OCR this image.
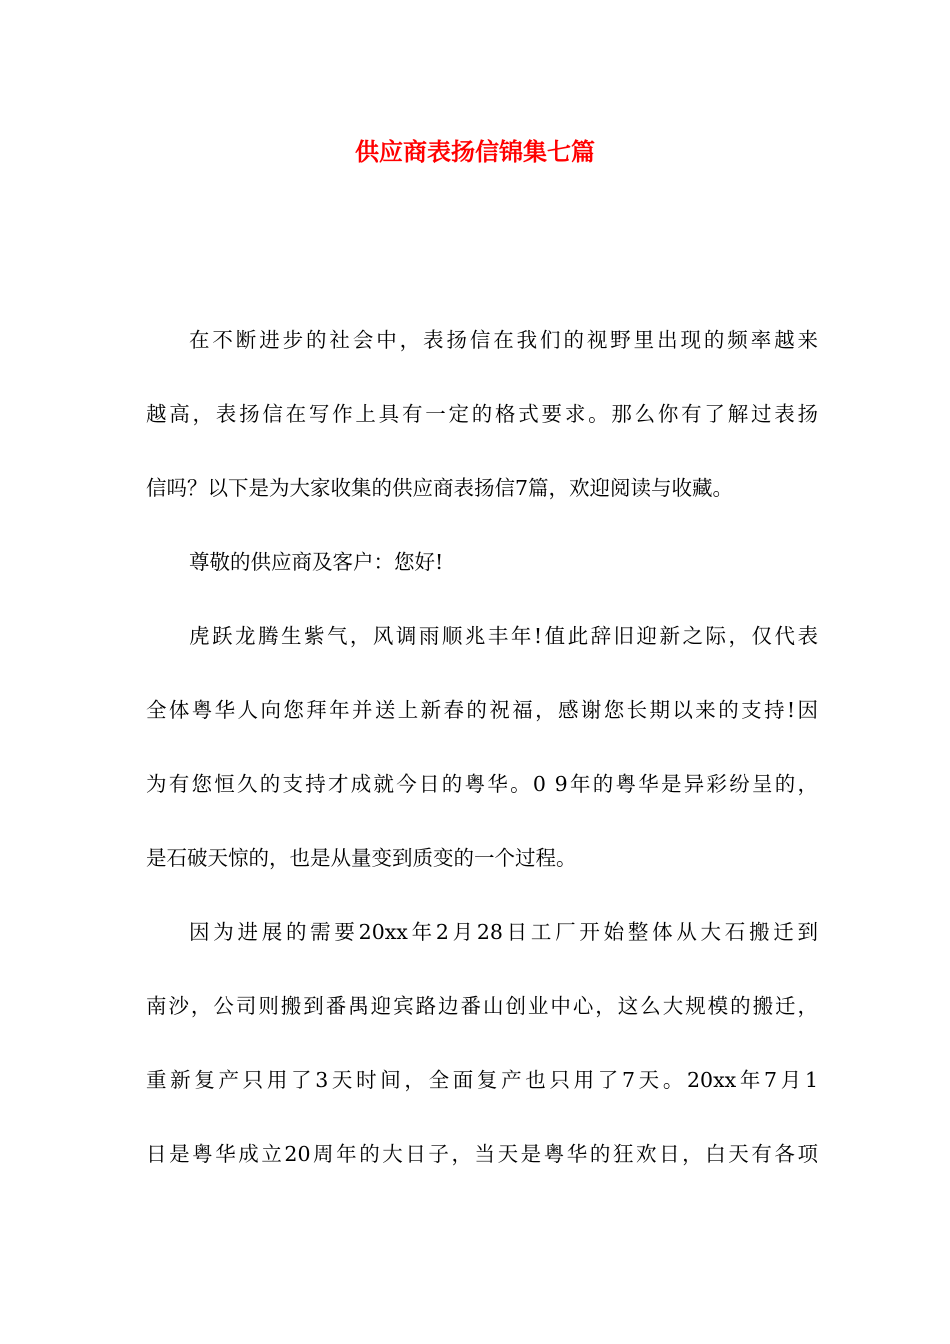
供应商表扬信锦集七篇
在不断进步的社会中，表扬信在我们的视野里出现的频率越来
越高，表扬信在写作上具有一定的格式要求。那么你有了解过表扬
信吗？以下是为大家收集的供应商表扬信7篇，欢迎阅读与收藏。
尊敬的供应商及客户：您好!
虎跃龙腾生紫气，风调雨顺兆丰年!值此辞旧迎新之际，仅代表
全体粤华人向您拜年并送上新春的祝福，感谢您长期以来的支持!因
为有您恒久的支持才成就今日的粤华。0 9年的粤华是异彩纷呈的，
是石破天惊的，也是从量变到质变的一个过程。
因为进展的需要20xx年2月28日工厂开始整体从大石搬迁到
南沙，公司则搬到番禺迎宾路边番山创业中心，这么大规模的搬迁，
重新复产只用了3天时间，全面复产也只用了7天。20xx年7月1
日是粤华成立20周年的大日子，当天是粤华的狂欢日，白天有各项
